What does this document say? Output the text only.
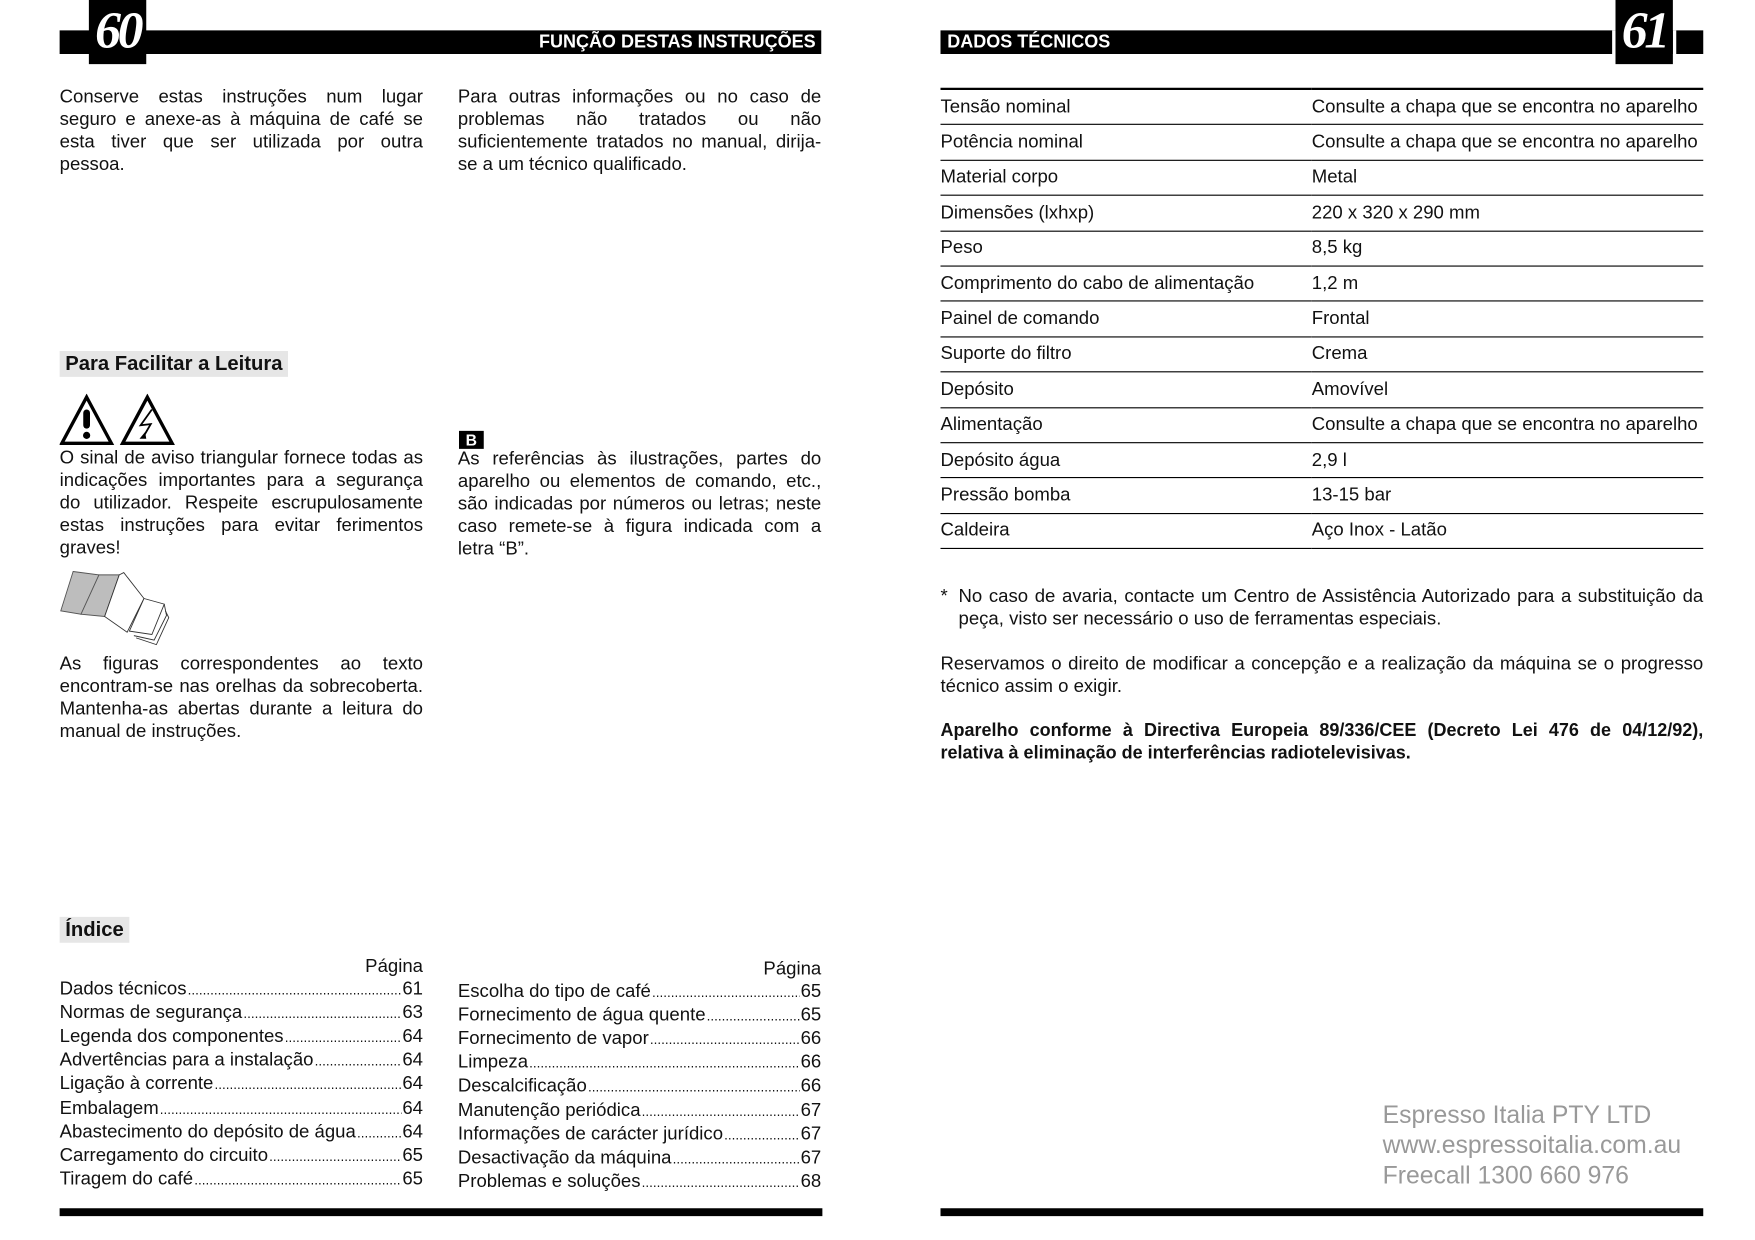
60	FUNÇÃO DESTAS INSTRUÇÕES
Conserve estas instruções num lugar seguro e anexe-as à máquina de café se esta tiver que ser utilizada por outra pessoa.
Para outras informações ou no caso de problemas não tratados ou não suficientemente tratados no manual, dirija-se a um técnico qualificado.
Para Facilitar a Leitura
O sinal de aviso triangular fornece todas as indicações importantes para a segurança do utilizador. Respeite escrupulosamente estas instruções para evitar ferimentos graves!
As figuras correspondentes ao texto encontram-se nas orelhas da sobrecoberta. Mantenha-as abertas durante a leitura do manual de instruções.
B
As referências às ilustrações, partes do aparelho ou elementos de comando, etc., são indicadas por números ou letras; neste caso remete-se à figura indicada com a letra “B”.
Índice
Página
Dados técnicos .....	61
Normas de segurança .....	63
Legenda dos componentes .....	64
Advertências para a instalação .....	64
Ligação à corrente .....	64
Embalagem .....	64
Abastecimento do depósito de água .....	64
Carregamento do circuito .....	65
Tiragem do café .....	65
Página
Escolha do tipo de café .....	65
Fornecimento de água quente .....	65
Fornecimento de vapor .....	66
Limpeza .....	66
Descalcificação .....	66
Manutenção periódica .....	67
Informações de carácter jurídico .....	67
Desactivação da máquina .....	67
Problemas e soluções .....	68
61
DADOS TÉCNICOS
Tensão nominal	Consulte a chapa que se encontra no aparelho
Potência nominal	Consulte a chapa que se encontra no aparelho
Material corpo	Metal
Dimensões (lxhxp)	220 x 320 x 290 mm
Peso	8,5 kg
Comprimento do cabo de alimentação	1,2 m
Painel de comando	Frontal
Suporte do filtro	Crema
Depósito	Amovível
Alimentação	Consulte a chapa que se encontra no aparelho
Depósito água	2,9 l
Pressão bomba	13-15 bar
Caldeira	Aço Inox - Latão
* No caso de avaria, contacte um Centro de Assistência Autorizado para a substituição da peça, visto ser necessário o uso de ferramentas especiais.
Reservamos o direito de modificar a concepção e a realização da máquina se o progresso técnico assim o exigir.
Aparelho conforme à Directiva Europeia 89/336/CEE (Decreto Lei 476 de 04/12/92), relativa à eliminação de interferências radiotelevisivas.
Espresso Italia PTY LTD
www.espressoitalia.com.au
Freecall 1300 660 976
